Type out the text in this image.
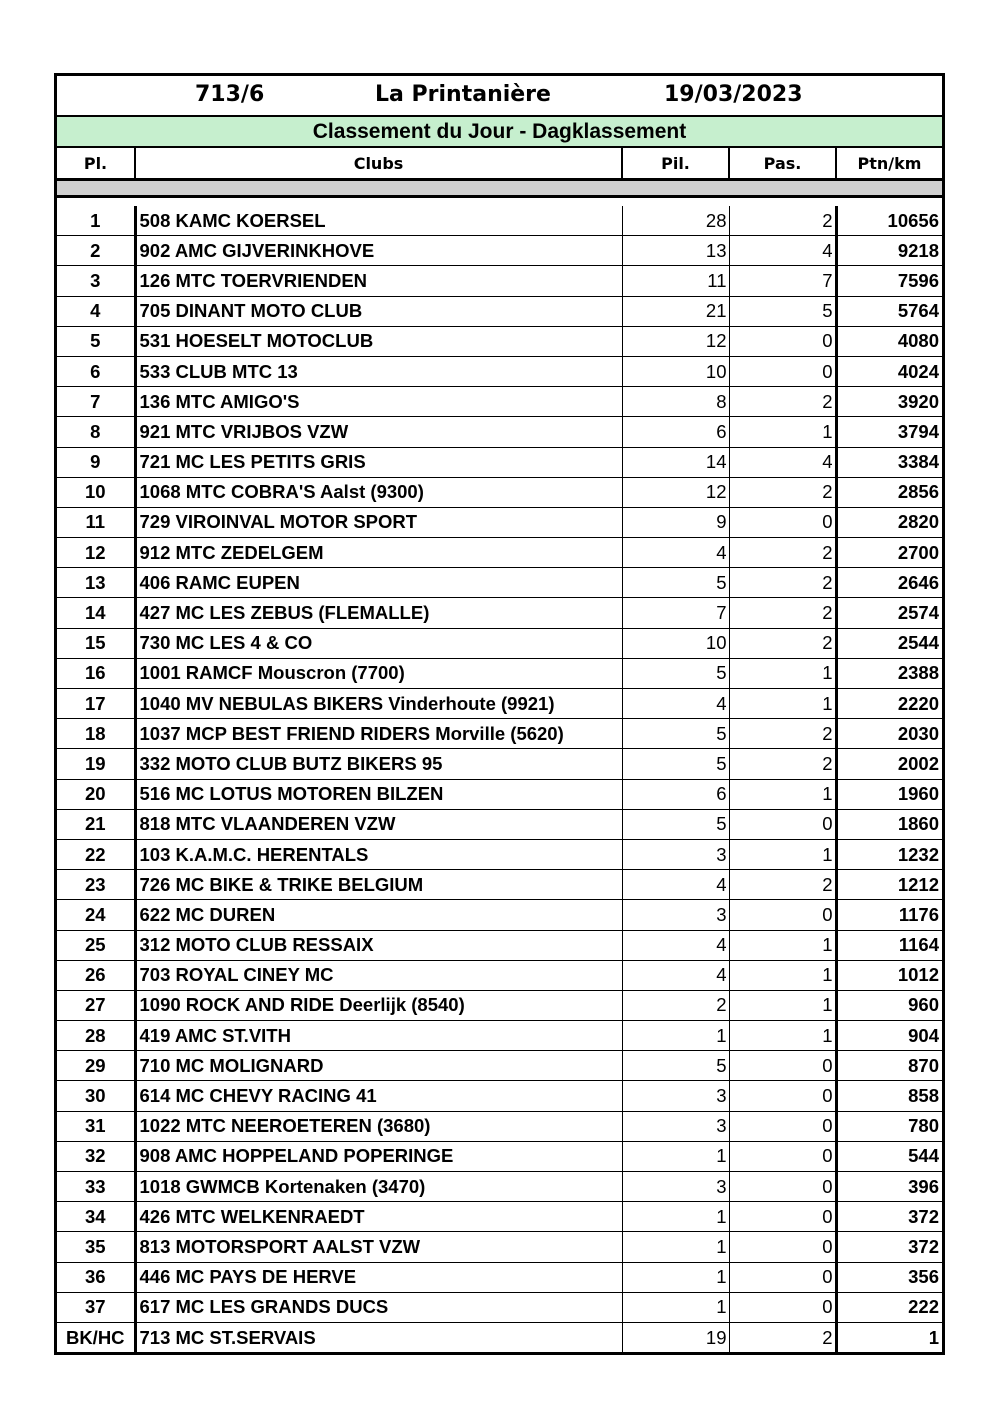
713/6	La Printanière	19/03/2023
Classement du Jour - Dagklassement
Pl.	Clubs	Pil.	Pas.	Ptn/km

1	508 KAMC KOERSEL	28	2	10656
2	902 AMC GIJVERINKHOVE	13	4	9218
3	126 MTC TOERVRIENDEN	11	7	7596
4	705 DINANT MOTO CLUB	21	5	5764
5	531 HOESELT MOTOCLUB	12	0	4080
6	533 CLUB MTC 13	10	0	4024
7	136 MTC AMIGO'S	8	2	3920
8	921 MTC VRIJBOS VZW	6	1	3794
9	721 MC LES PETITS GRIS	14	4	3384
10	1068 MTC COBRA'S Aalst (9300)	12	2	2856
11	729 VIROINVAL MOTOR SPORT	9	0	2820
12	912 MTC ZEDELGEM	4	2	2700
13	406 RAMC EUPEN	5	2	2646
14	427 MC LES ZEBUS (FLEMALLE)	7	2	2574
15	730 MC LES 4 & CO	10	2	2544
16	1001 RAMCF Mouscron (7700)	5	1	2388
17	1040 MV NEBULAS BIKERS Vinderhoute (9921)	4	1	2220
18	1037 MCP BEST FRIEND RIDERS Morville (5620)	5	2	2030
19	332 MOTO CLUB BUTZ BIKERS 95	5	2	2002
20	516 MC LOTUS MOTOREN BILZEN	6	1	1960
21	818 MTC VLAANDEREN VZW	5	0	1860
22	103 K.A.M.C. HERENTALS	3	1	1232
23	726 MC BIKE & TRIKE BELGIUM	4	2	1212
24	622 MC DUREN	3	0	1176
25	312 MOTO CLUB RESSAIX	4	1	1164
26	703 ROYAL CINEY MC	4	1	1012
27	1090 ROCK AND RIDE Deerlijk (8540)	2	1	960
28	419 AMC ST.VITH	1	1	904
29	710 MC MOLIGNARD	5	0	870
30	614 MC CHEVY RACING 41	3	0	858
31	1022 MTC NEEROETEREN (3680)	3	0	780
32	908 AMC HOPPELAND POPERINGE	1	0	544
33	1018 GWMCB Kortenaken (3470)	3	0	396
34	426 MTC WELKENRAEDT	1	0	372
35	813 MOTORSPORT AALST VZW	1	0	372
36	446 MC PAYS DE HERVE	1	0	356
37	617 MC LES GRANDS DUCS	1	0	222
BK/HC	713 MC ST.SERVAIS	19	2	1
